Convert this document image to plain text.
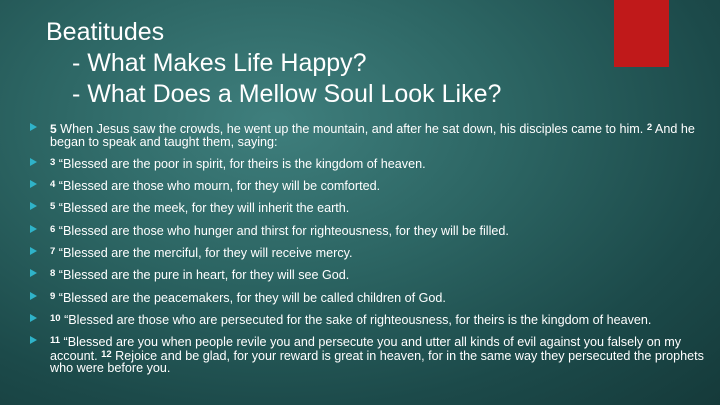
Beatitudes
- What Makes Life Happy?
- What Does a Mellow Soul Look Like?
5 When Jesus saw the crowds, he went up the mountain, and after he sat down, his disciples came to him. $^2$ And he began to speak and taught them, saying:
$^3$ “Blessed are the poor in spirit, for theirs is the kingdom of heaven.
$^4$ “Blessed are those who mourn, for they will be comforted.
$^5$ “Blessed are the meek, for they will inherit the earth.
$^6$ “Blessed are those who hunger and thirst for righteousness, for they will be filled.
$^7$ “Blessed are the merciful, for they will receive mercy.
$^8$ “Blessed are the pure in heart, for they will see God.
$^9$ “Blessed are the peacemakers, for they will be called children of God.
$^{10}$ “Blessed are those who are persecuted for the sake of righteousness, for theirs is the kingdom of heaven.
$^{11}$ “Blessed are you when people revile you and persecute you and utter all kinds of evil against you falsely on my account. $^{12}$ Rejoice and be glad, for your reward is great in heaven, for in the same way they persecuted the prophets who were before you.
